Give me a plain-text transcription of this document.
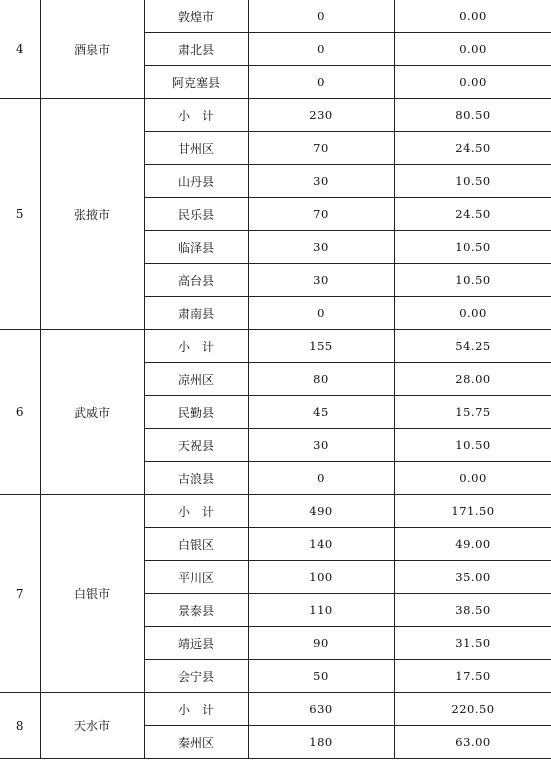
4	酒泉市	敦煌市	0	0.00
		肃北县	0	0.00
		阿克塞县	0	0.00
5	张掖市	小　计	230	80.50
		甘州区	70	24.50
		山丹县	30	10.50
		民乐县	70	24.50
		临泽县	30	10.50
		高台县	30	10.50
		肃南县	0	0.00
6	武威市	小　计	155	54.25
		凉州区	80	28.00
		民勤县	45	15.75
		天祝县	30	10.50
		古浪县	0	0.00
7	白银市	小　计	490	171.50
		白银区	140	49.00
		平川区	100	35.00
		景泰县	110	38.50
		靖远县	90	31.50
		会宁县	50	17.50
8	天水市	小　计	630	220.50
		秦州区	180	63.00
